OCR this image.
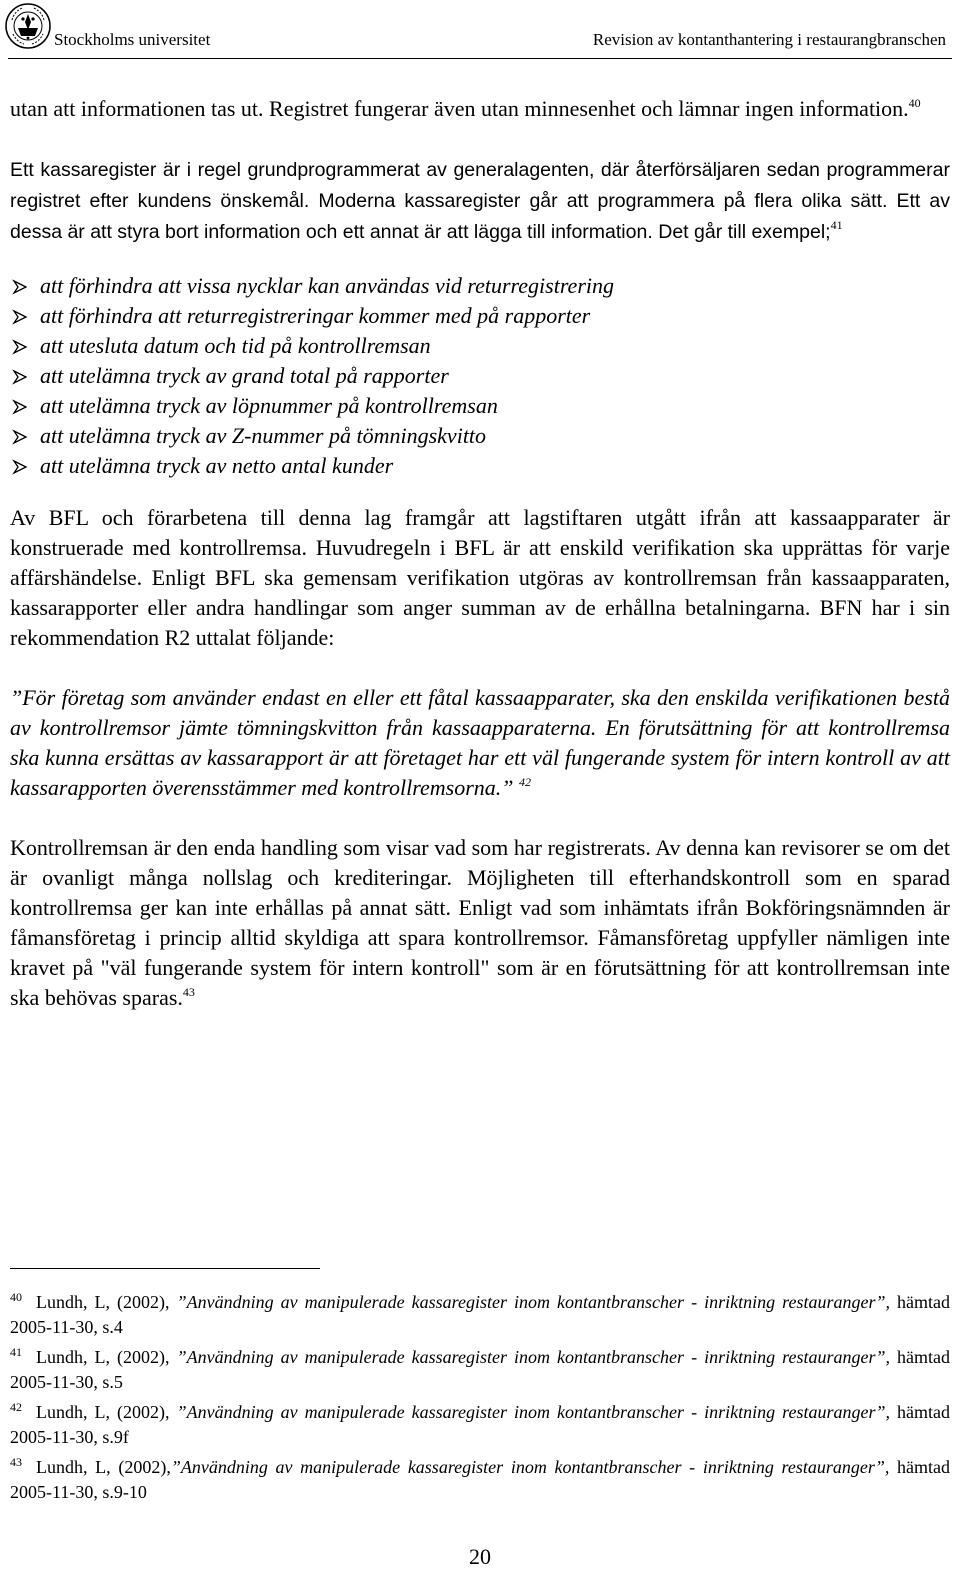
Stockholms universitet	Revision av kontanthantering i restaurangbranschen

utan att informationen tas ut. Registret fungerar även utan minnesenhet och lämnar ingen information.$^{40}$

Ett kassaregister är i regel grundprogrammerat av generalagenten, där återförsäljaren sedan programmerar registret efter kundens önskemål. Moderna kassaregister går att programmera på flera olika sätt. Ett av dessa är att styra bort information och ett annat är att lägga till information. Det går till exempel;$^{41}$

att förhindra att vissa nycklar kan användas vid returregistrering
att förhindra att returregistreringar kommer med på rapporter
att utesluta datum och tid på kontrollremsan
att utelämna tryck av grand total på rapporter
att utelämna tryck av löpnummer på kontrollremsan
att utelämna tryck av Z-nummer på tömningskvitto
att utelämna tryck av netto antal kunder

Av BFL och förarbetena till denna lag framgår att lagstiftaren utgått ifrån att kassaapparater är konstruerade med kontrollremsa. Huvudregeln i BFL är att enskild verifikation ska upprättas för varje affärshändelse. Enligt BFL ska gemensam verifikation utgöras av kontrollremsan från kassaapparaten, kassarapporter eller andra handlingar som anger summan av de erhållna betalningarna. BFN har i sin rekommendation R2 uttalat följande:

”För företag som använder endast en eller ett fåtal kassaapparater, ska den enskilda verifikationen bestå av kontrollremsor jämte tömningskvitton från kassaapparaterna. En förutsättning för att kontrollremsa ska kunna ersättas av kassarapport är att företaget har ett väl fungerande system för intern kontroll av att kassarapporten överensstämmer med kontrollremsorna.” $^{42}$

Kontrollremsan är den enda handling som visar vad som har registrerats. Av denna kan revisorer se om det är ovanligt många nollslag och krediteringar. Möjligheten till efterhandskontroll som en sparad kontrollremsa ger kan inte erhållas på annat sätt. Enligt vad som inhämtats ifrån Bokföringsnämnden är fåmansföretag i princip alltid skyldiga att spara kontrollremsor. Fåmansföretag uppfyller nämligen inte kravet på "väl fungerande system för intern kontroll" som är en förutsättning för att kontrollremsan inte ska behövas sparas.$^{43}$

$^{40}$ Lundh, L, (2002), ”Användning av manipulerade kassaregister inom kontantbranscher - inriktning restauranger”, hämtad 2005-11-30, s.4

$^{41}$ Lundh, L, (2002), ”Användning av manipulerade kassaregister inom kontantbranscher - inriktning restauranger”, hämtad 2005-11-30, s.5

$^{42}$ Lundh, L, (2002), ”Användning av manipulerade kassaregister inom kontantbranscher - inriktning restauranger”, hämtad 2005-11-30, s.9f

$^{43}$ Lundh, L, (2002),”Användning av manipulerade kassaregister inom kontantbranscher - inriktning restauranger”, hämtad 2005-11-30, s.9-10

20
